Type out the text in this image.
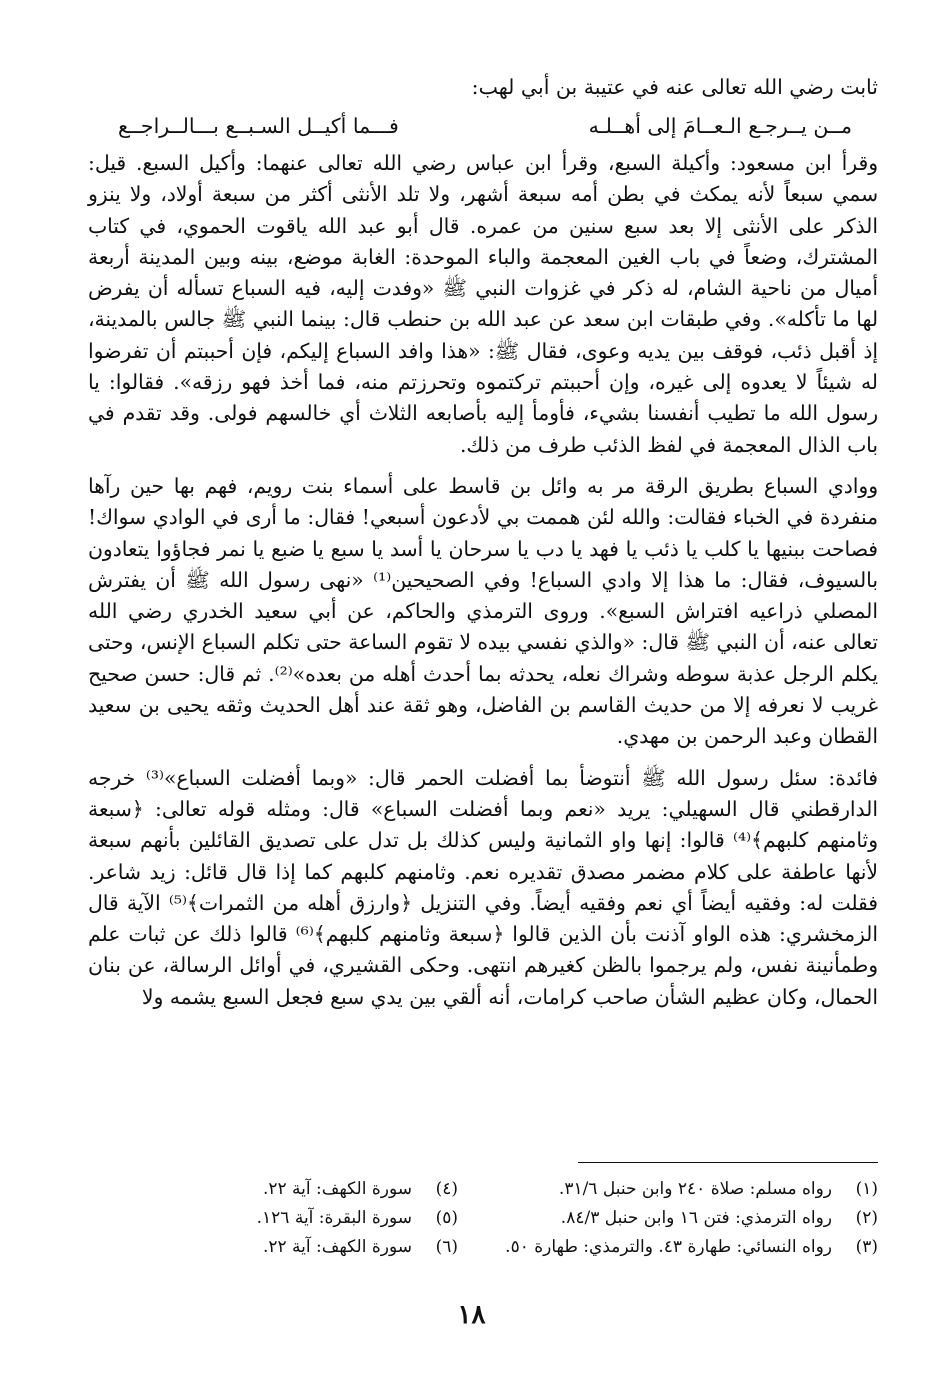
ثابت رضي الله تعالى عنه في عتيبة بن أبي لهب:
مــن يــرجـع الـعــامَ إلى أهــلـه
فـــما أكيــل السـبــع بـــالــراجــع

وقرأ ابن مسعود: وأكيلة السبع، وقرأ ابن عباس رضي الله تعالى عنهما: وأكيل السبع. قيل: سمي سبعاً لأنه يمكث في بطن أمه سبعة أشهر، ولا تلد الأنثى أكثر من سبعة أولاد، ولا ينزو الذكر على الأنثى إلا بعد سبع سنين من عمره. قال أبو عبد الله ياقوت الحموي، في كتاب المشترك، وضعاً في باب الغين المعجمة والباء الموحدة: الغابة موضع، بينه وبين المدينة أربعة أميال من ناحية الشام، له ذكر في غزوات النبي ﷺ «وفدت إليه، فيه السباع تسأله أن يفرض لها ما تأكله». وفي طبقات ابن سعد عن عبد الله بن حنطب قال: بينما النبي ﷺ جالس بالمدينة، إذ أقبل ذئب، فوقف بين يديه وعوى، فقال ﷺ: «هذا وافد السباع إليكم، فإن أحببتم أن تفرضوا له شيئاً لا يعدوه إلى غيره، وإن أحببتم تركتموه وتحرزتم منه، فما أخذ فهو رزقه». فقالوا: يا رسول الله ما تطيب أنفسنا بشيء، فأومأ إليه بأصابعه الثلاث أي خالسهم فولى. وقد تقدم في باب الذال المعجمة في لفظ الذئب طرف من ذلك.

ووادي السباع بطريق الرقة مر به وائل بن قاسط على أسماء بنت رويم، فهم بها حين رآها منفردة في الخباء فقالت: والله لئن هممت بي لأدعون أسبعي! فقال: ما أرى في الوادي سواك! فصاحت ببنيها يا كلب يا ذئب يا فهد يا دب يا سرحان يا أسد يا سبع يا ضبع يا نمر فجاؤوا يتعادون بالسيوف، فقال: ما هذا إلا وادي السباع! وفي الصحيحين⁽¹⁾ «نهى رسول الله ﷺ أن يفترش المصلي ذراعيه افتراش السبع». وروى الترمذي والحاكم، عن أبي سعيد الخدري رضي الله تعالى عنه، أن النبي ﷺ قال: «والذي نفسي بيده لا تقوم الساعة حتى تكلم السباع الإنس، وحتى يكلم الرجل عذبة سوطه وشراك نعله، يحدثه بما أحدث أهله من بعده»⁽²⁾. ثم قال: حسن صحيح غريب لا نعرفه إلا من حديث القاسم بن الفاضل، وهو ثقة عند أهل الحديث وثقه يحيى بن سعيد القطان وعبد الرحمن بن مهدي.

فائدة: سئل رسول الله ﷺ أنتوضأ بما أفضلت الحمر قال: «وبما أفضلت السباع»⁽³⁾ خرجه الدارقطني قال السهيلي: يريد «نعم وبما أفضلت السباع» قال: ومثله قوله تعالى: ﴿سبعة وثامنهم كلبهم﴾⁽⁴⁾ قالوا: إنها واو الثمانية وليس كذلك بل تدل على تصديق القائلين بأنهم سبعة لأنها عاطفة على كلام مضمر مصدق تقديره نعم. وثامنهم كلبهم كما إذا قال قائل: زيد شاعر. فقلت له: وفقيه أيضاً أي نعم وفقيه أيضاً. وفي التنزيل ﴿وارزق أهله من الثمرات﴾⁽⁵⁾ الآية قال الزمخشري: هذه الواو آذنت بأن الذين قالوا ﴿سبعة وثامنهم كلبهم﴾⁽⁶⁾ قالوا ذلك عن ثبات علم وطمأنينة نفس، ولم يرجموا بالظن كغيرهم انتهى. وحكى القشيري، في أوائل الرسالة، عن بنان الحمال، وكان عظيم الشأن صاحب كرامات، أنه ألقي بين يدي سبع فجعل السبع يشمه ولا

(١)
رواه مسلم: صلاة ٢٤٠ وابن حنبل ٣١/٦.
(٢)
رواه الترمذي: فتن ١٦ وابن حنبل ٨٤/٣.
(٣)
رواه النسائي: طهارة ٤٣. والترمذي: طهارة ٥٠.
(٤)
سورة الكهف: آية ٢٢.
(٥)
سورة البقرة: آية ١٢٦.
(٦)
سورة الكهف: آية ٢٢.
١٨
